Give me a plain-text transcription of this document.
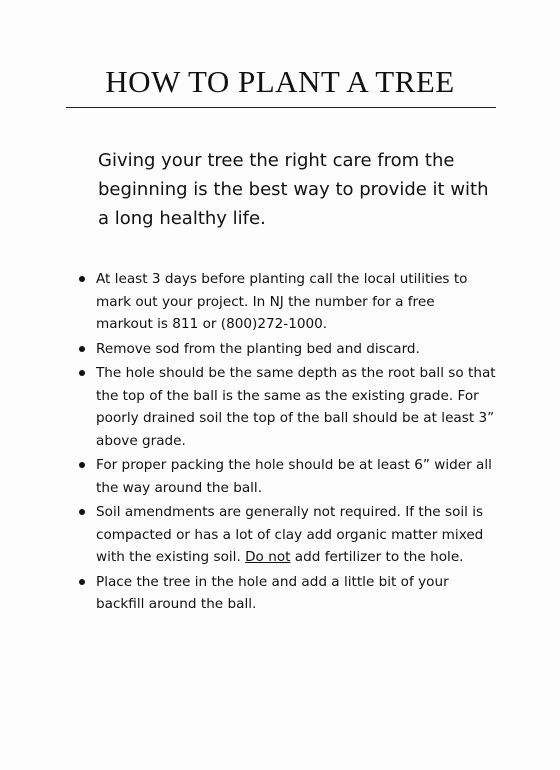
HOW TO PLANT A TREE

Giving your tree the right care from the
beginning is the best way to provide it with
a long healthy life.

At least 3 days before planting call the local utilities to
mark out your project. In NJ the number for a free
markout is 811 or (800)272-1000.
Remove sod from the planting bed and discard.
The hole should be the same depth as the root ball so that
the top of the ball is the same as the existing grade. For
poorly drained soil the top of the ball should be at least 3”
above grade.
For proper packing the hole should be at least 6” wider all
the way around the ball.
Soil amendments are generally not required. If the soil is
compacted or has a lot of clay add organic matter mixed
with the existing soil. Do not add fertilizer to the hole.
Place the tree in the hole and add a little bit of your
backfill around the ball.
